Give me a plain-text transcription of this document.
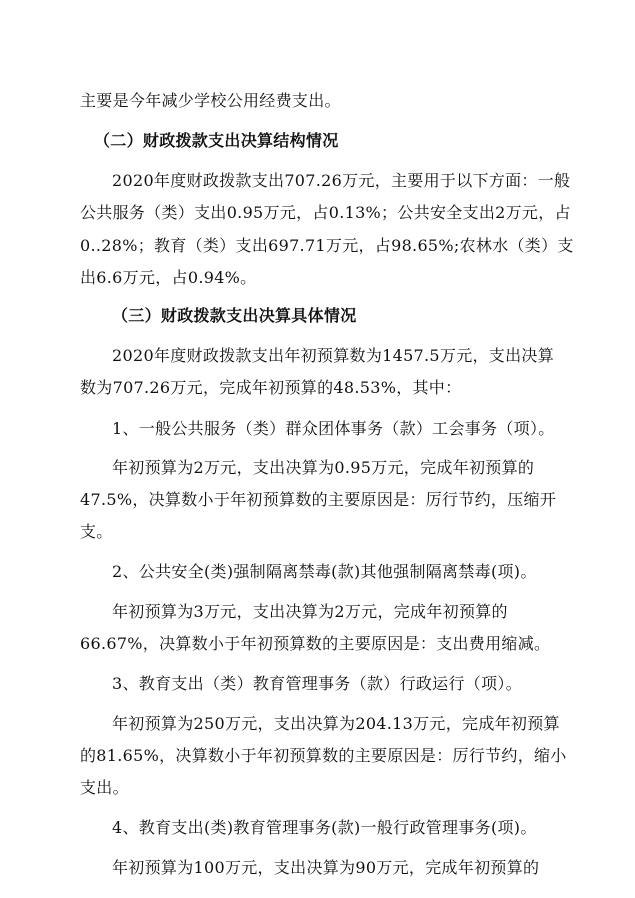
主要是今年减少学校公用经费支出。
（二）财政拨款支出决算结构情况
2020年度财政拨款支出707.26万元，主要用于以下方面：一般
公共服务（类）支出0.95万元，占0.13%；公共安全支出2万元，占
0..28%；教育（类）支出697.71万元，占98.65%;农林水（类）支
出6.6万元，占0.94%。
（三）财政拨款支出决算具体情况
2020年度财政拨款支出年初预算数为1457.5万元，支出决算
数为707.26万元，完成年初预算的48.53%，其中：
1、一般公共服务（类）群众团体事务（款）工会事务（项）。
年初预算为2万元，支出决算为0.95万元，完成年初预算的
47.5%，决算数小于年初预算数的主要原因是：厉行节约，压缩开
支。
2、公共安全(类)强制隔离禁毒(款)其他强制隔离禁毒(项)。
年初预算为3万元，支出决算为2万元，完成年初预算的
66.67%，决算数小于年初预算数的主要原因是：支出费用缩减。
3、教育支出（类）教育管理事务（款）行政运行（项）。
年初预算为250万元，支出决算为204.13万元，完成年初预算
的81.65%，决算数小于年初预算数的主要原因是：厉行节约，缩小
支出。
4、教育支出(类)教育管理事务(款)一般行政管理事务(项)。
年初预算为100万元，支出决算为90万元，完成年初预算的
